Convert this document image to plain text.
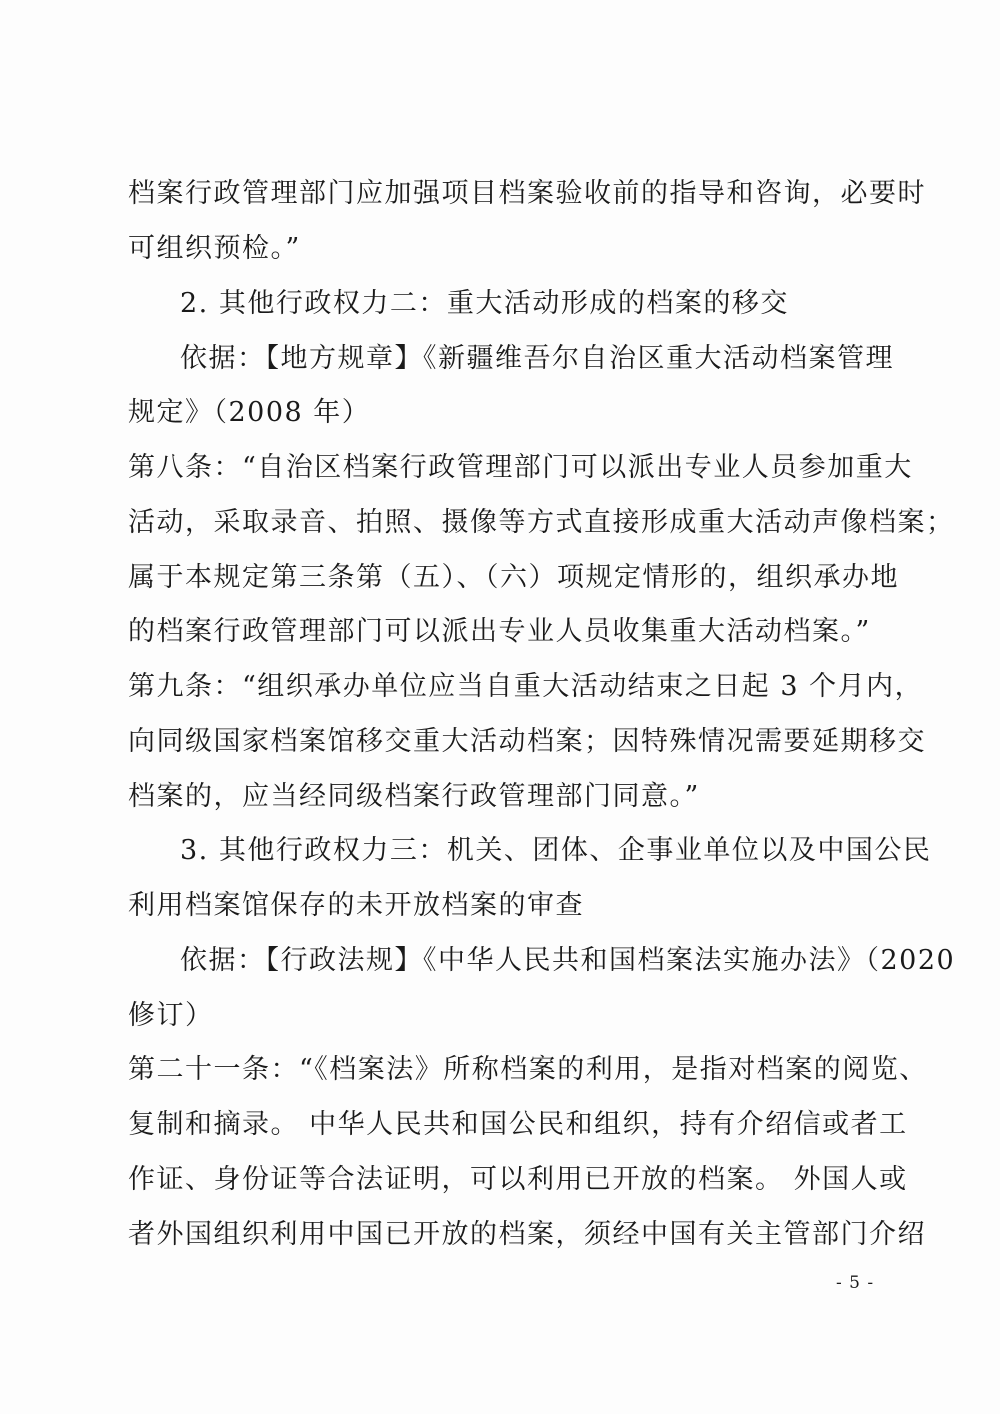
档案行政管理部门应加强项目档案验收前的指导和咨询，必要时
可组织预检。”
2. 其他行政权力二：重大活动形成的档案的移交
依据：【地方规章】《新疆维吾尔自治区重大活动档案管理
规定》（2008 年）
第八条：“自治区档案行政管理部门可以派出专业人员参加重大
活动，采取录音、拍照、摄像等方式直接形成重大活动声像档案；
属于本规定第三条第（五）、（六）项规定情形的，组织承办地
的档案行政管理部门可以派出专业人员收集重大活动档案。”
第九条：“组织承办单位应当自重大活动结束之日起 3 个月内，
向同级国家档案馆移交重大活动档案；因特殊情况需要延期移交
档案的，应当经同级档案行政管理部门同意。”
3. 其他行政权力三：机关、团体、企事业单位以及中国公民
利用档案馆保存的未开放档案的审查
依据：【行政法规】《中华人民共和国档案法实施办法》（2020
修订）
第二十一条：“《档案法》所称档案的利用，是指对档案的阅览、
复制和摘录。 中华人民共和国公民和组织，持有介绍信或者工
作证、身份证等合法证明，可以利用已开放的档案。 外国人或
者外国组织利用中国已开放的档案，须经中国有关主管部门介绍
- 5 -
